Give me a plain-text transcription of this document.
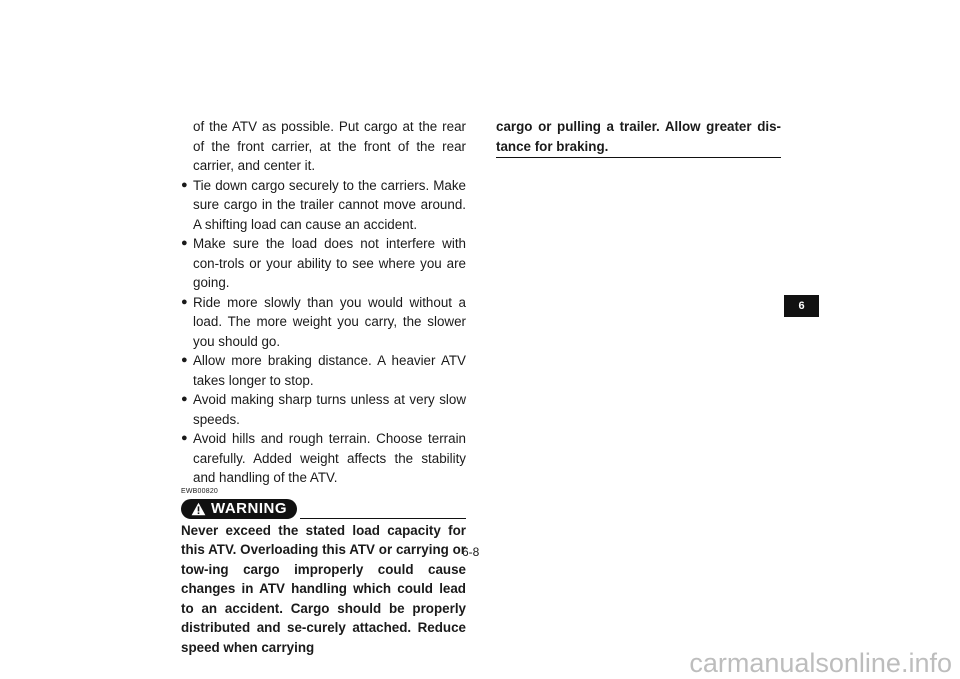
of the ATV as possible. Put cargo at the rear of the front carrier, at the front of the rear carrier, and center it.
● Tie down cargo securely to the carriers. Make sure cargo in the trailer cannot move around. A shifting load can cause an accident.
● Make sure the load does not interfere with con-trols or your ability to see where you are going.
● Ride more slowly than you would without a load. The more weight you carry, the slower you should go.
● Allow more braking distance. A heavier ATV takes longer to stop.
● Avoid making sharp turns unless at very slow speeds.
● Avoid hills and rough terrain. Choose terrain carefully. Added weight affects the stability and handling of the ATV.
EWB00820
WARNING
Never exceed the stated load capacity for this ATV. Overloading this ATV or carrying or tow-ing cargo improperly could cause changes in ATV handling which could lead to an accident. Cargo should be properly distributed and se-curely attached. Reduce speed when carrying
cargo or pulling a trailer. Allow greater dis-tance for braking.
6-8
6
carmanualsonline.info
